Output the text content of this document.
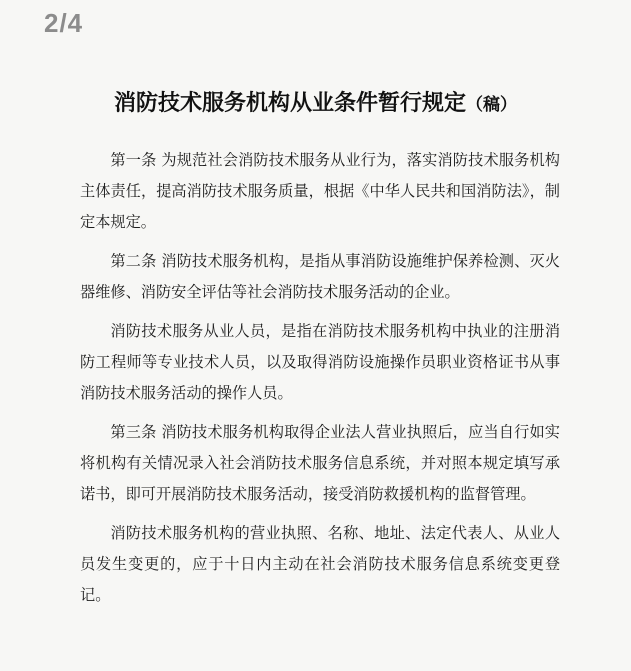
2/4
消防技术服务机构从业条件暂行规定（稿）

第一条 为规范社会消防技术服务从业行为，落实消防技术服务机构主体责任，提高消防技术服务质量，根据《中华人民共和国消防法》，制定本规定。

第二条 消防技术服务机构，是指从事消防设施维护保养检测、灭火器维修、消防安全评估等社会消防技术服务活动的企业。

消防技术服务从业人员，是指在消防技术服务机构中执业的注册消防工程师等专业技术人员，以及取得消防设施操作员职业资格证书从事消防技术服务活动的操作人员。

第三条 消防技术服务机构取得企业法人营业执照后，应当自行如实将机构有关情况录入社会消防技术服务信息系统，并对照本规定填写承诺书，即可开展消防技术服务活动，接受消防救援机构的监督管理。

消防技术服务机构的营业执照、名称、地址、法定代表人、从业人员发生变更的，应于十日内主动在社会消防技术服务信息系统变更登记。
